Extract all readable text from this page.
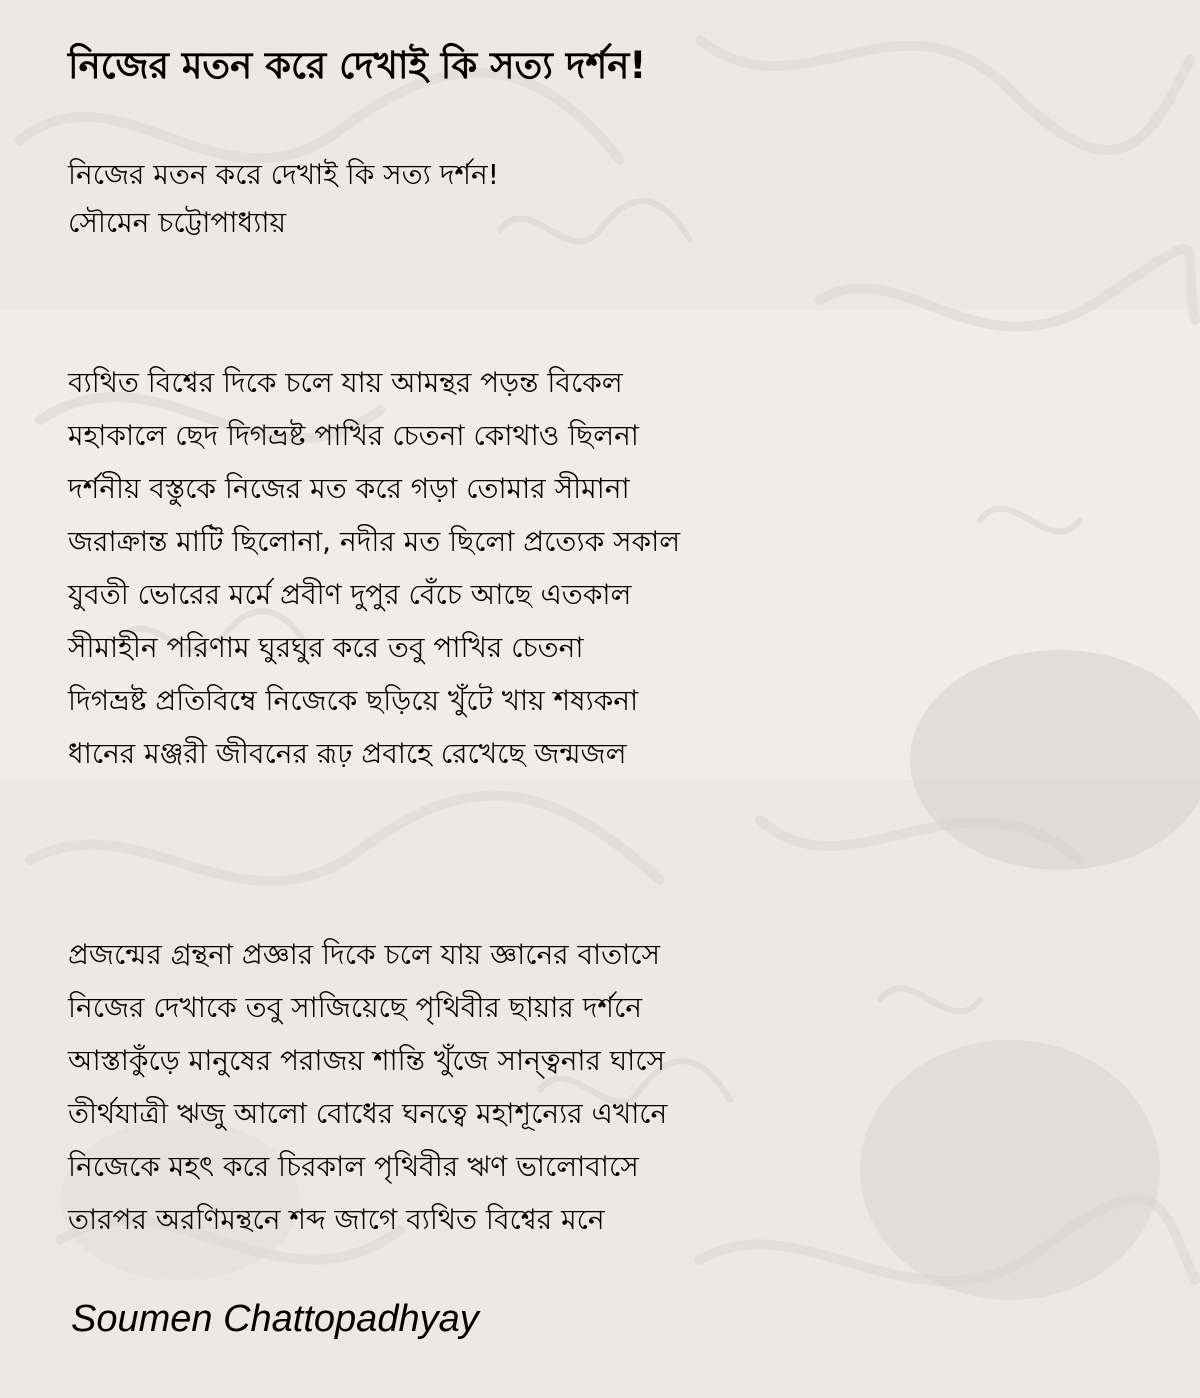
নিজের মতন করে দেখাই কি সত্য দর্শন!

নিজের মতন করে দেখাই কি সত্য দর্শন!

সৌমেন চট্টোপাধ্যায়

ব্যথিত বিশ্বের দিকে চলে যায় আমন্থর পড়ন্ত বিকেল
মহাকালে ছেদ দিগভ্রষ্ট পাখির চেতনা কোথাও ছিলনা
দর্শনীয় বস্তুকে নিজের মত করে গড়া তোমার সীমানা
জরাক্রান্ত মাটি ছিলোনা, নদীর মত ছিলো প্রত্যেক সকাল
যুবতী ভোরের মর্মে প্রবীণ দুপুর বেঁচে আছে এতকাল
সীমাহীন পরিণাম ঘুরঘুর করে তবু পাখির চেতনা
দিগভ্রষ্ট প্রতিবিম্বে নিজেকে ছড়িয়ে খুঁটে খায় শষ্যকনা
ধানের মঞ্জরী জীবনের রূঢ় প্রবাহে রেখেছে জন্মজল
প্রজন্মের গ্রন্থনা প্রজ্ঞার দিকে চলে যায় জ্ঞানের বাতাসে
নিজের দেখাকে তবু সাজিয়েছে পৃথিবীর ছায়ার দর্শনে
আস্তাকুঁড়ে মানুষের পরাজয় শান্তি খুঁজে সান্ত্বনার ঘাসে
তীর্থযাত্রী ঋজু আলো বোধের ঘনত্বে মহাশূন্যের এখানে
নিজেকে মহৎ করে চিরকাল পৃথিবীর ঋণ ভালোবাসে
তারপর অরণিমন্থনে শব্দ জাগে ব্যথিত বিশ্বের মনে

Soumen Chattopadhyay
